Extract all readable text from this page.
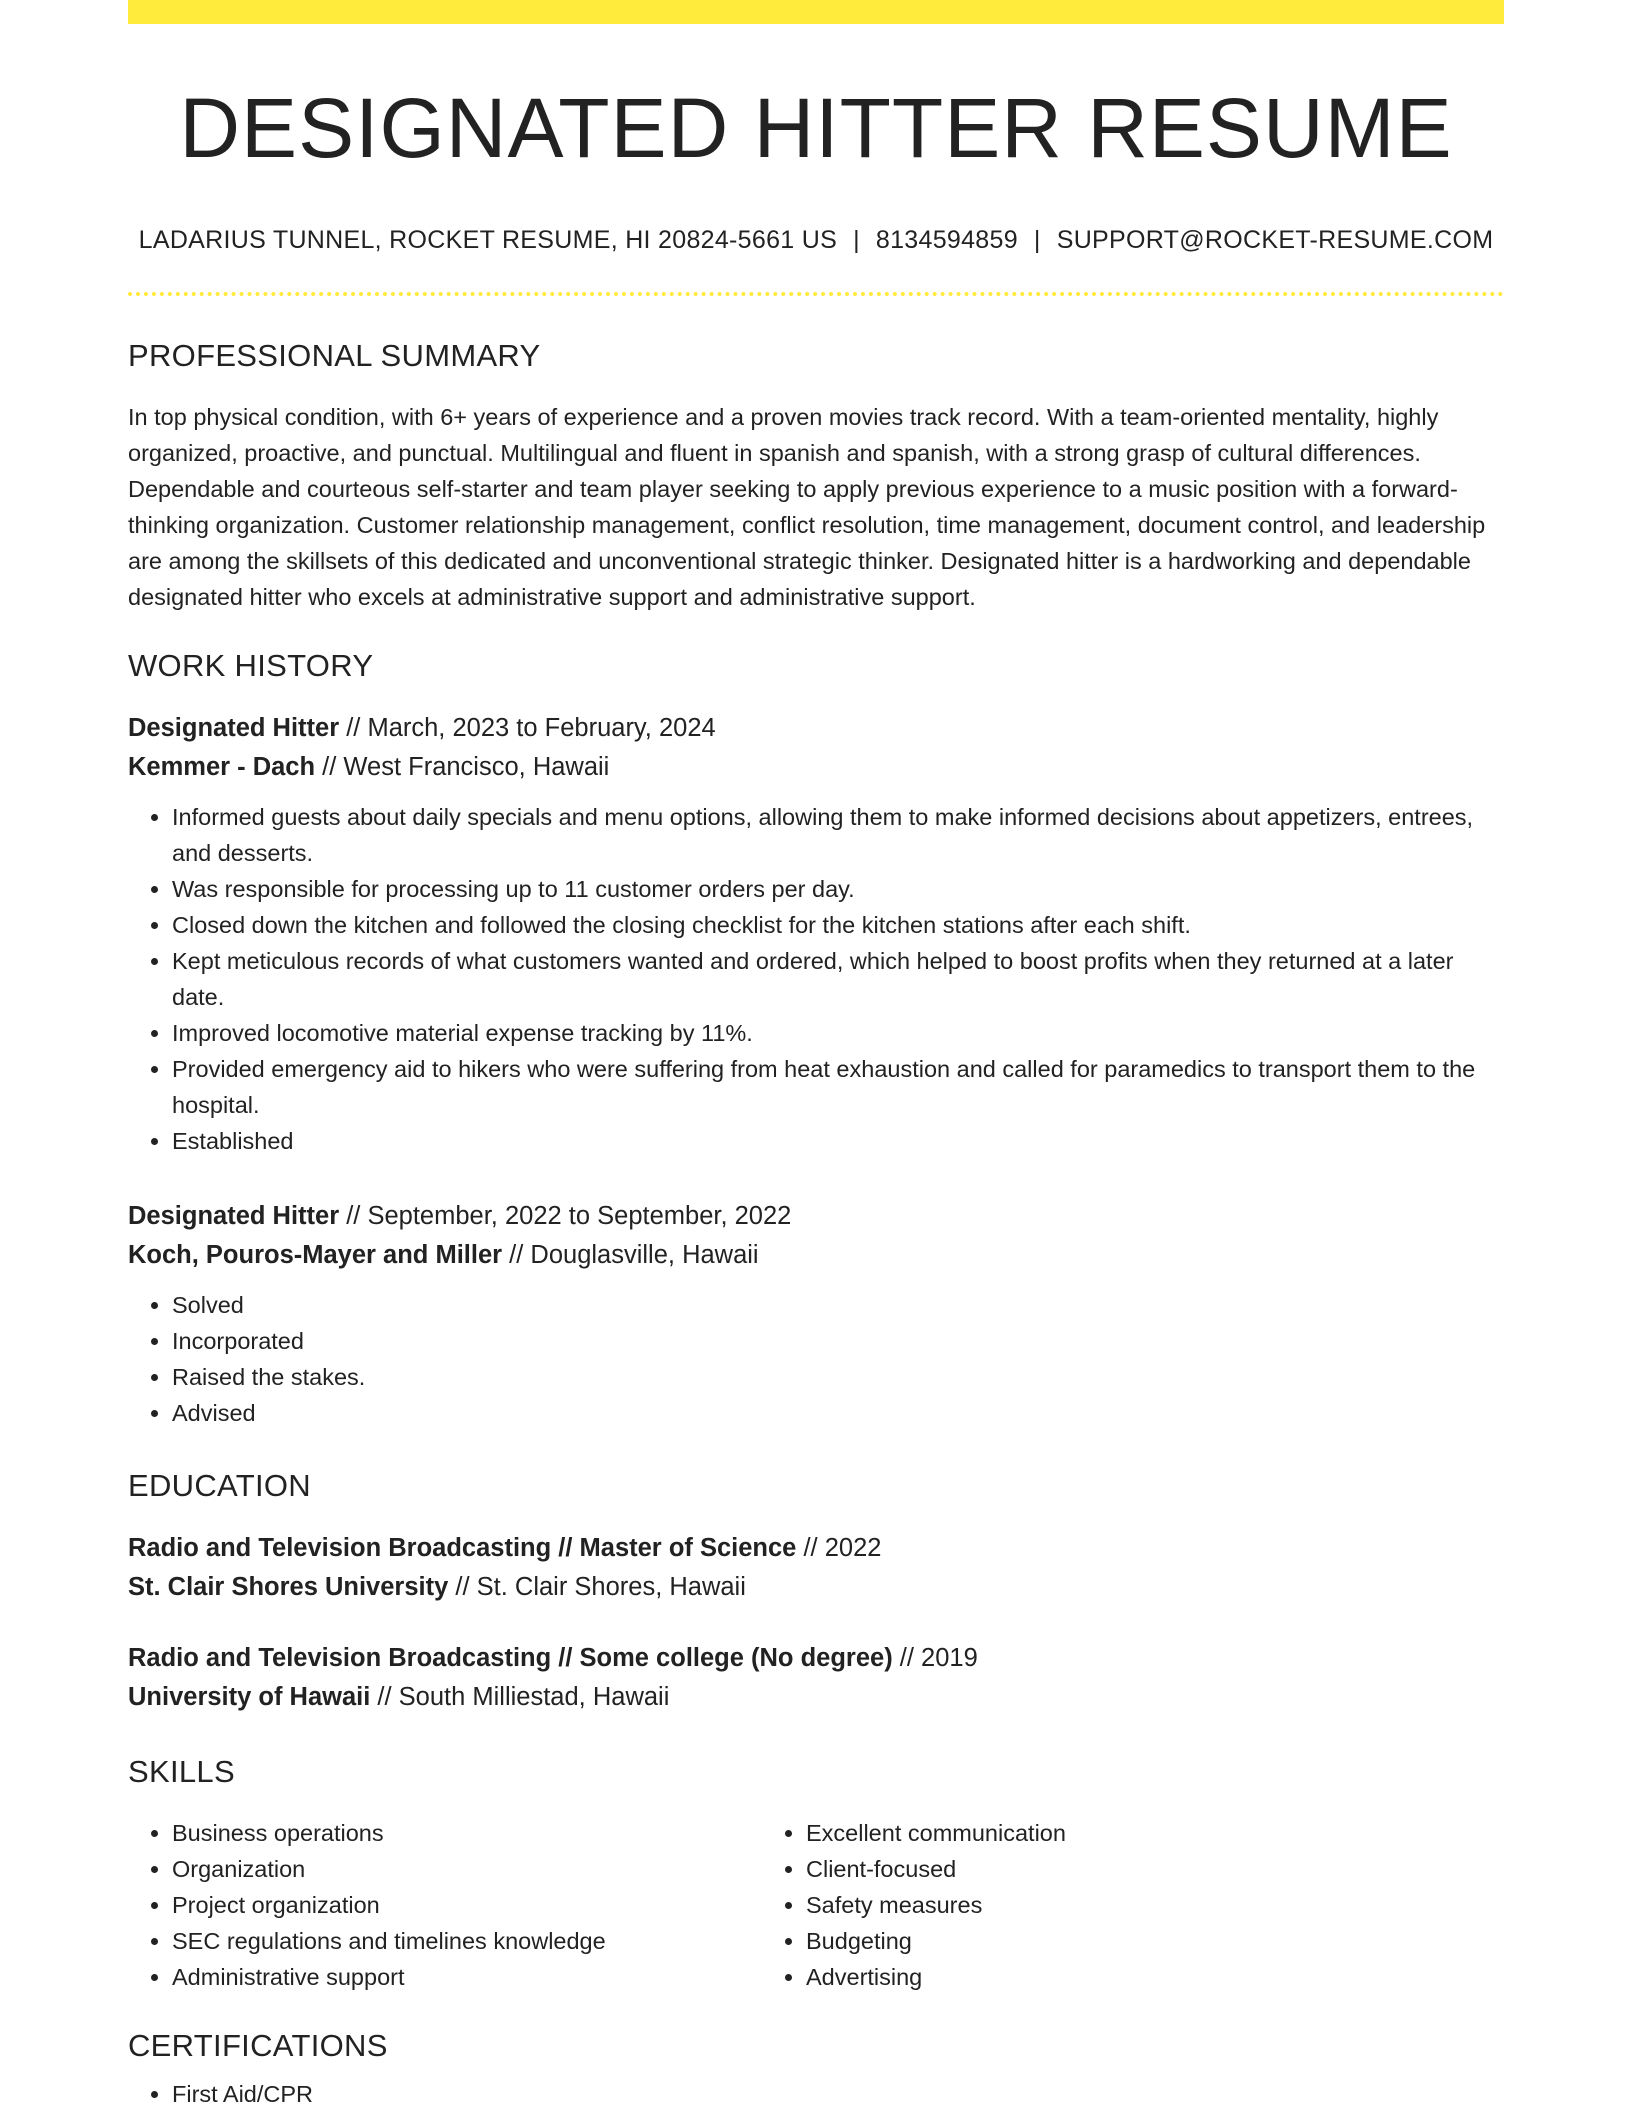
DESIGNATED HITTER RESUME
LADARIUS TUNNEL, ROCKET RESUME, HI 20824-5661 US | 8134594859 | SUPPORT@ROCKET-RESUME.COM
PROFESSIONAL SUMMARY

In top physical condition, with 6+ years of experience and a proven movies track record. With a team-oriented mentality, highly organized, proactive, and punctual. Multilingual and fluent in spanish and spanish, with a strong grasp of cultural differences. Dependable and courteous self-starter and team player seeking to apply previous experience to a music position with a forward-thinking organization. Customer relationship management, conflict resolution, time management, document control, and leadership are among the skillsets of this dedicated and unconventional strategic thinker. Designated hitter is a hardworking and dependable designated hitter who excels at administrative support and administrative support.

WORK HISTORY

Designated Hitter // March, 2023 to February, 2024

Kemmer - Dach // West Francisco, Hawaii

• Informed guests about daily specials and menu options, allowing them to make informed decisions about appetizers, entrees, and desserts.
• Was responsible for processing up to 11 customer orders per day.
• Closed down the kitchen and followed the closing checklist for the kitchen stations after each shift.
• Kept meticulous records of what customers wanted and ordered, which helped to boost profits when they returned at a later date.
• Improved locomotive material expense tracking by 11%.
• Provided emergency aid to hikers who were suffering from heat exhaustion and called for paramedics to transport them to the hospital.
• Established

Designated Hitter // September, 2022 to September, 2022

Koch, Pouros-Mayer and Miller // Douglasville, Hawaii

• Solved
• Incorporated
• Raised the stakes.
• Advised
EDUCATION

Radio and Television Broadcasting // Master of Science // 2022

St. Clair Shores University // St. Clair Shores, Hawaii

Radio and Television Broadcasting // Some college (No degree) // 2019

University of Hawaii // South Milliestad, Hawaii

SKILLS
• Business operations
• Organization
• Project organization
• SEC regulations and timelines knowledge
• Administrative support
• Excellent communication
• Client-focused
• Safety measures
• Budgeting
• Advertising
CERTIFICATIONS
• First Aid/CPR
